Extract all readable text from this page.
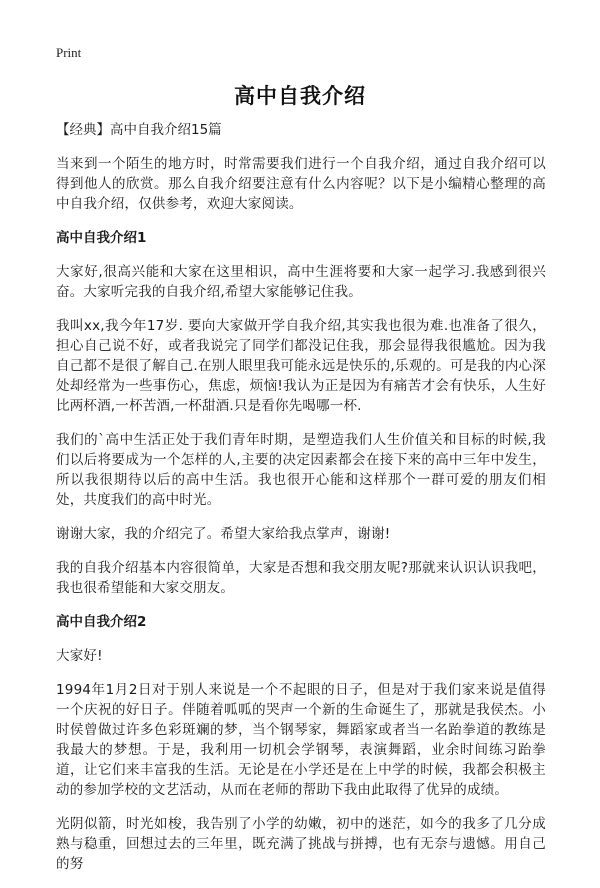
Print
高中自我介绍

【经典】高中自我介绍15篇

当来到一个陌生的地方时，时常需要我们进行一个自我介绍，通过自我介绍可以得到他人的欣赏。那么自我介绍要注意有什么内容呢？以下是小编精心整理的高中自我介绍，仅供参考，欢迎大家阅读。

高中自我介绍1

大家好,很高兴能和大家在这里相识，高中生涯将要和大家一起学习.我感到很兴奋。大家听完我的自我介绍,希望大家能够记住我。

我叫xx,我今年17岁. 要向大家做开学自我介绍,其实我也很为难.也准备了很久，担心自己说不好，或者我说完了同学们都没记住我，那会显得我很尴尬。因为我自己都不是很了解自己.在别人眼里我可能永远是快乐的,乐观的。可是我的内心深处却经常为一些事伤心，焦虑，烦恼!我认为正是因为有痛苦才会有快乐，人生好比两杯酒,一杯苦酒,一杯甜酒.只是看你先喝哪一杯.

我们的`高中生活正处于我们青年时期，是塑造我们人生价值关和目标的时候,我们以后将要成为一个怎样的人,主要的决定因素都会在接下来的高中三年中发生，所以我很期待以后的高中生活。我也很开心能和这样那个一群可爱的朋友们相处，共度我们的高中时光。

谢谢大家，我的介绍完了。希望大家给我点掌声，谢谢!

我的自我介绍基本内容很简单，大家是否想和我交朋友呢?那就来认识认识我吧，我也很希望能和大家交朋友。

高中自我介绍2

大家好!

1994年1月2日对于别人来说是一个不起眼的日子，但是对于我们家来说是值得一个庆祝的好日子。伴随着呱呱的哭声一个新的生命诞生了，那就是我侯杰。小时侯曾做过许多色彩斑斓的梦，当个钢琴家，舞蹈家或者当一名跆拳道的教练是我最大的梦想。于是，我利用一切机会学钢琴，表演舞蹈，业余时间练习跆拳道，让它们来丰富我的生活。无论是在小学还是在上中学的时候，我都会积极主动的参加学校的文艺活动，从而在老师的帮助下我由此取得了优异的成绩。

光阴似箭，时光如梭，我告别了小学的幼嫩，初中的迷茫，如今的我多了几分成熟与稳重，回想过去的三年里，既充满了挑战与拼搏，也有无奈与遗憾。用自己的努
